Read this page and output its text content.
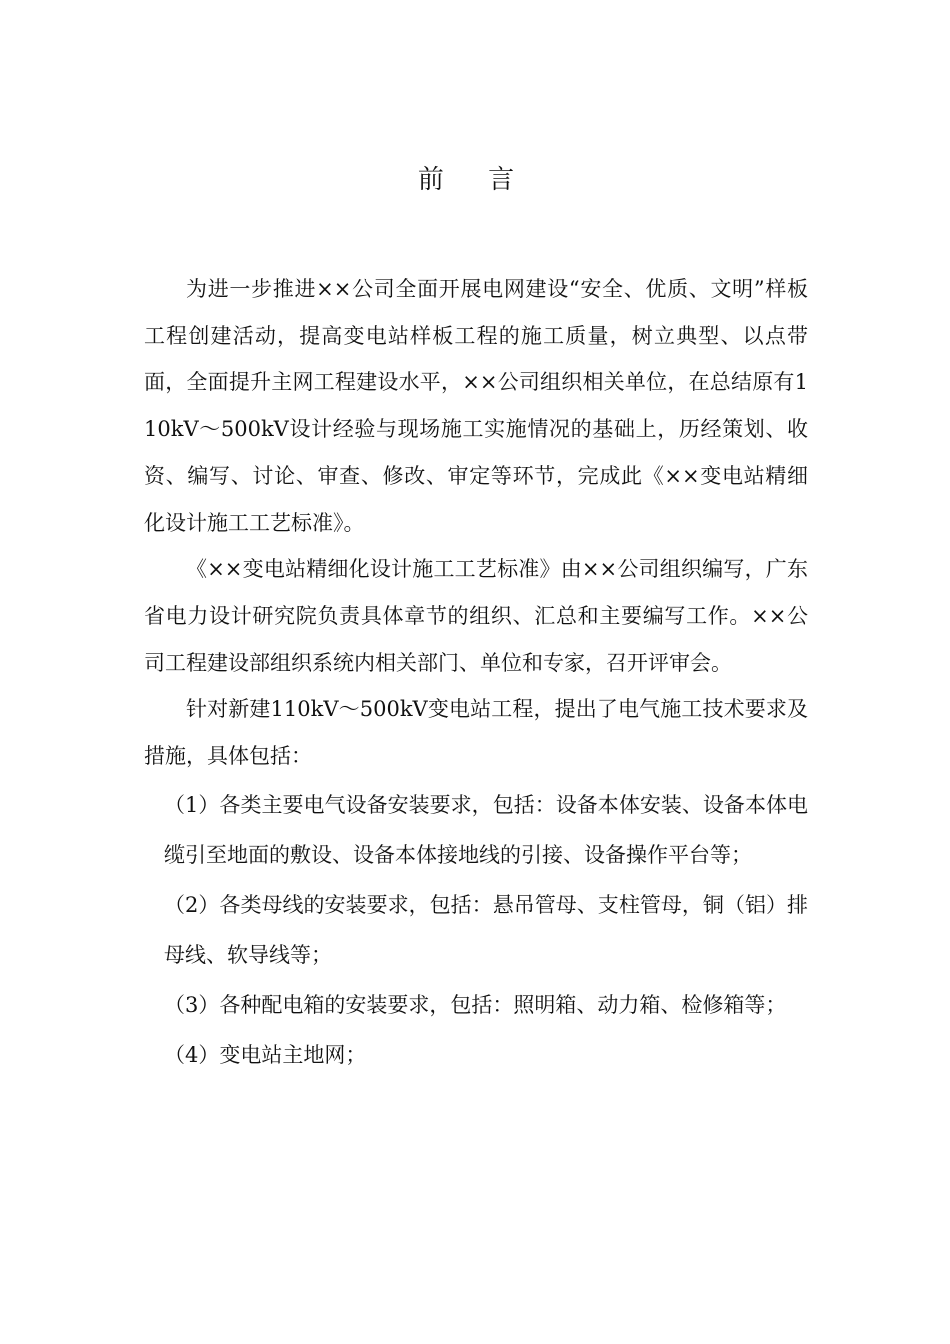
前 言

为进一步推进××公司全面开展电网建设“安全、优质、文明”样板工程创建活动，提高变电站样板工程的施工质量，树立典型、以点带面，全面提升主网工程建设水平，××公司组织相关单位，在总结原有110kV～500kV设计经验与现场施工实施情况的基础上，历经策划、收资、编写、讨论、审查、修改、审定等环节，完成此《××变电站精细化设计施工工艺标准》。

《××变电站精细化设计施工工艺标准》由××公司组织编写，广东省电力设计研究院负责具体章节的组织、汇总和主要编写工作。××公司工程建设部组织系统内相关部门、单位和专家，召开评审会。

针对新建110kV～500kV变电站工程，提出了电气施工技术要求及措施，具体包括：

（1）各类主要电气设备安装要求，包括：设备本体安装、设备本体电缆引至地面的敷设、设备本体接地线的引接、设备操作平台等；
（2）各类母线的安装要求，包括：悬吊管母、支柱管母，铜（铝）排母线、软导线等；
（3）各种配电箱的安装要求，包括：照明箱、动力箱、检修箱等；
（4）变电站主地网；
